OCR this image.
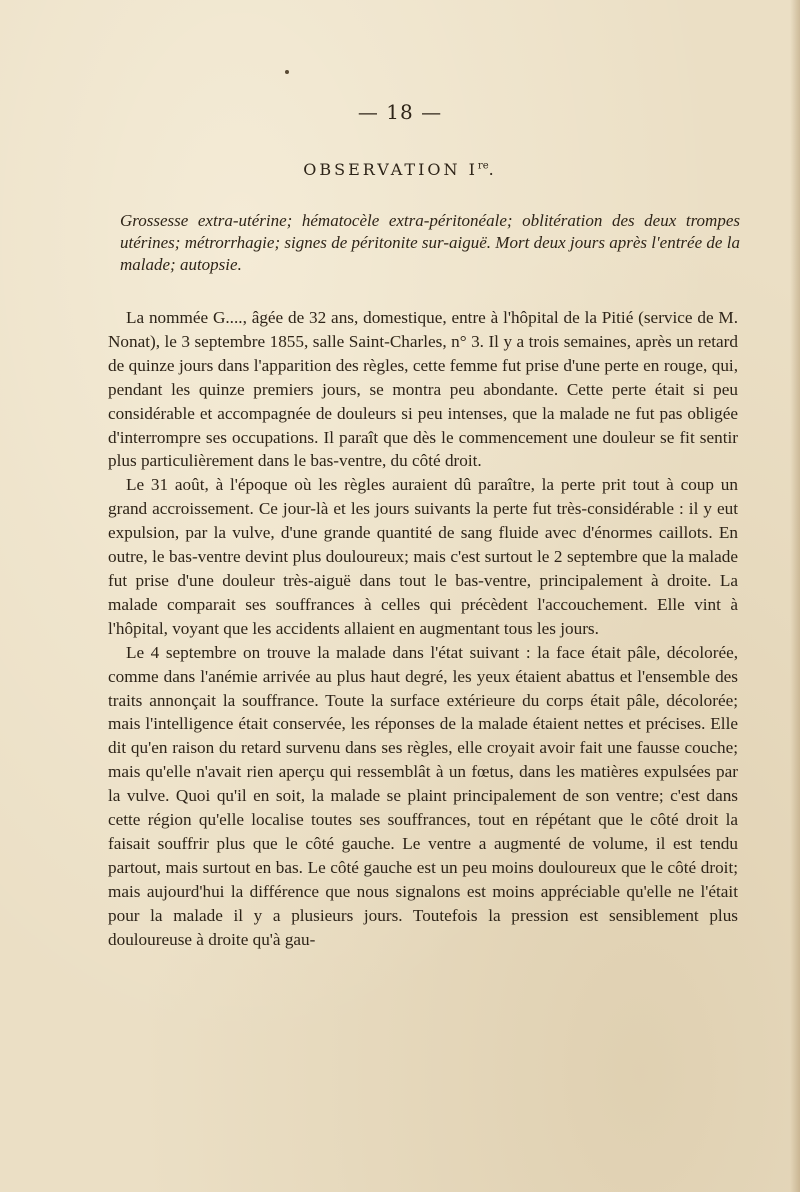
— 18 —
OBSERVATION Ire.
Grossesse extra-utérine; hématocèle extra-péritonéale; oblitération des deux trompes utérines; métrorrhagie; signes de péritonite sur-aiguë. Mort deux jours après l'entrée de la malade; autopsie.

La nommée G...., âgée de 32 ans, domestique, entre à l'hôpital de la Pitié (service de M. Nonat), le 3 septembre 1855, salle Saint-Charles, n° 3. Il y a trois semaines, après un retard de quinze jours dans l'apparition des règles, cette femme fut prise d'une perte en rouge, qui, pendant les quinze premiers jours, se montra peu abondante. Cette perte était si peu considérable et accompagnée de douleurs si peu intenses, que la malade ne fut pas obligée d'interrompre ses occupations. Il paraît que dès le commencement une douleur se fit sentir plus particulièrement dans le bas-ventre, du côté droit.

Le 31 août, à l'époque où les règles auraient dû paraître, la perte prit tout à coup un grand accroissement. Ce jour-là et les jours suivants la perte fut très-considérable : il y eut expulsion, par la vulve, d'une grande quantité de sang fluide avec d'énormes caillots. En outre, le bas-ventre devint plus douloureux; mais c'est surtout le 2 septembre que la malade fut prise d'une douleur très-aiguë dans tout le bas-ventre, principalement à droite. La malade comparait ses souffrances à celles qui précèdent l'accouchement. Elle vint à l'hôpital, voyant que les accidents allaient en augmentant tous les jours.

Le 4 septembre on trouve la malade dans l'état suivant : la face était pâle, décolorée, comme dans l'anémie arrivée au plus haut degré, les yeux étaient abattus et l'ensemble des traits annonçait la souffrance. Toute la surface extérieure du corps était pâle, décolorée; mais l'intelligence était conservée, les réponses de la malade étaient nettes et précises. Elle dit qu'en raison du retard survenu dans ses règles, elle croyait avoir fait une fausse couche; mais qu'elle n'avait rien aperçu qui ressemblât à un fœtus, dans les matières expulsées par la vulve. Quoi qu'il en soit, la malade se plaint principalement de son ventre; c'est dans cette région qu'elle localise toutes ses souffrances, tout en répétant que le côté droit la faisait souffrir plus que le côté gauche. Le ventre a augmenté de volume, il est tendu partout, mais surtout en bas. Le côté gauche est un peu moins douloureux que le côté droit; mais aujourd'hui la différence que nous signalons est moins appréciable qu'elle ne l'était pour la malade il y a plusieurs jours. Toutefois la pression est sensiblement plus douloureuse à droite qu'à gau-
